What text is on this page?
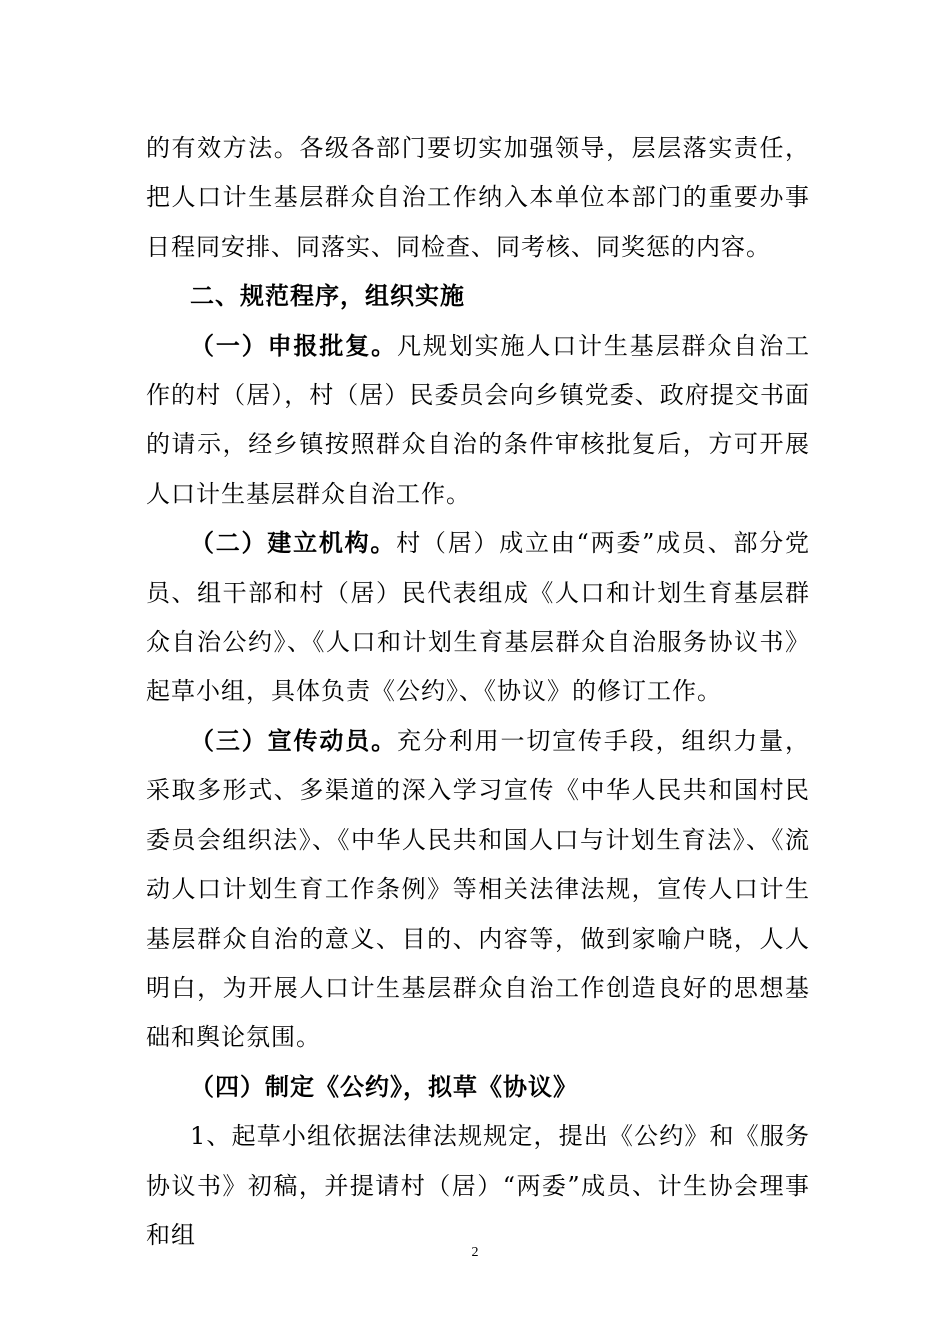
的有效方法。各级各部门要切实加强领导，层层落实责任，把人口计生基层群众自治工作纳入本单位本部门的重要办事日程同安排、同落实、同检查、同考核、同奖惩的内容。

二、规范程序，组织实施

（一）申报批复。凡规划实施人口计生基层群众自治工作的村（居），村（居）民委员会向乡镇党委、政府提交书面的请示，经乡镇按照群众自治的条件审核批复后，方可开展人口计生基层群众自治工作。

（二）建立机构。村（居）成立由“两委”成员、部分党员、组干部和村（居）民代表组成《人口和计划生育基层群众自治公约》、《人口和计划生育基层群众自治服务协议书》起草小组，具体负责《公约》、《协议》的修订工作。

（三）宣传动员。充分利用一切宣传手段，组织力量，采取多形式、多渠道的深入学习宣传《中华人民共和国村民委员会组织法》、《中华人民共和国人口与计划生育法》、《流动人口计划生育工作条例》等相关法律法规，宣传人口计生基层群众自治的意义、目的、内容等，做到家喻户晓，人人明白，为开展人口计生基层群众自治工作创造良好的思想基础和舆论氛围。

（四）制定《公约》，拟草《协议》

1、起草小组依据法律法规规定，提出《公约》和《服务协议书》初稿，并提请村（居）“两委”成员、计生协会理事和组

2
